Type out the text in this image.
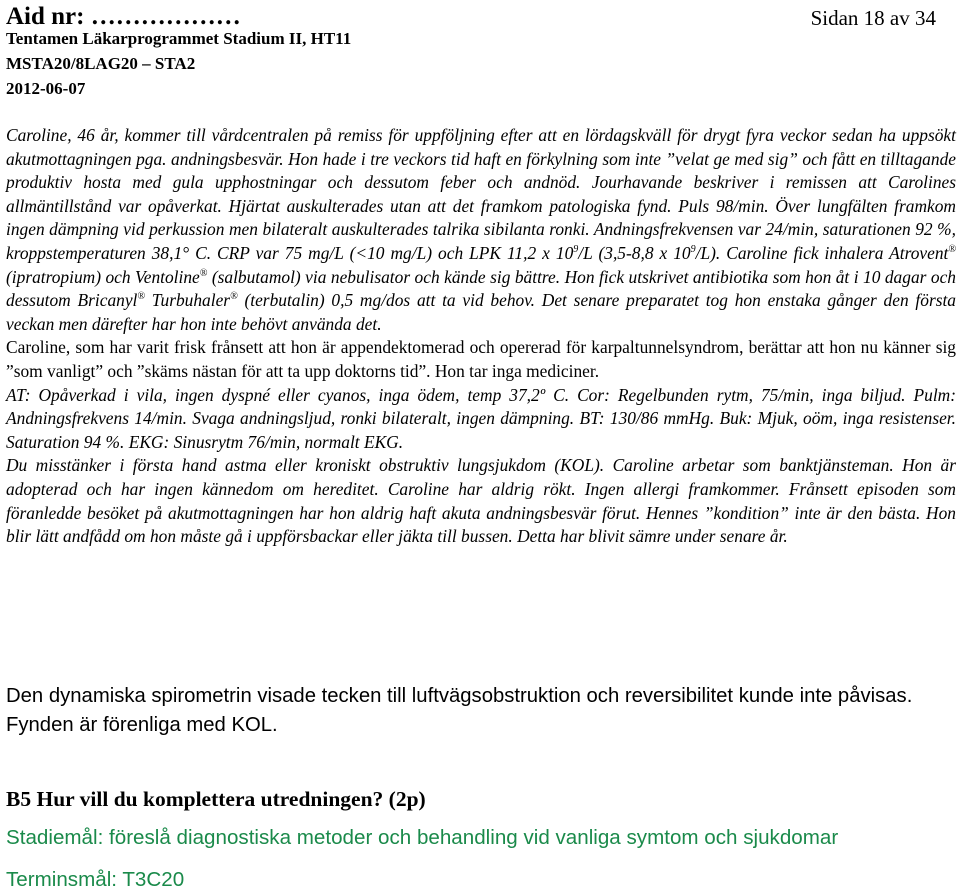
Aid nr: ………………	Sidan 18 av 34
Tentamen Läkarprogrammet Stadium II, HT11
MSTA20/8LAG20 – STA2
2012-06-07

Caroline, 46 år, kommer till vårdcentralen på remiss för uppföljning efter att en lördagskväll för drygt fyra veckor sedan ha uppsökt akutmottagningen pga. andningsbesvär. Hon hade i tre veckors tid haft en förkylning som inte ”velat ge med sig” och fått en tilltagande produktiv hosta med gula upphostningar och dessutom feber och andnöd. Jourhavande beskriver i remissen att Carolines allmäntillstånd var opåverkat. Hjärtat auskulterades utan att det framkom patologiska fynd. Puls 98/min. Över lungfälten framkom ingen dämpning vid perkussion men bilateralt auskulterades talrika sibilanta ronki. Andningsfrekvensen var 24/min, saturationen 92 %, kroppstemperaturen 38,1° C. CRP var 75 mg/L (<10 mg/L) och LPK 11,2 x $10^9/L$ (3,5-8,8 x $10^9/L$). Caroline fick inhalera Atrovent® (ipratropium) och Ventoline® (salbutamol) via nebulisator och kände sig bättre. Hon fick utskrivet antibiotika som hon åt i 10 dagar och dessutom Bricanyl® Turbuhaler® (terbutalin) 0,5 mg/dos att ta vid behov. Det senare preparatet tog hon enstaka gånger den första veckan men därefter har hon inte behövt använda det.

Caroline, som har varit frisk frånsett att hon är appendektomerad och opererad för karpaltunnelsyndrom, berättar att hon nu känner sig ”som vanligt” och ”skäms nästan för att ta upp doktorns tid”. Hon tar inga mediciner.

AT: Opåverkad i vila, ingen dyspné eller cyanos, inga ödem, temp 37,2º C. Cor: Regelbunden rytm, 75/min, inga biljud. Pulm: Andningsfrekvens 14/min. Svaga andningsljud, ronki bilateralt, ingen dämpning. BT: 130/86 mmHg. Buk: Mjuk, oöm, inga resistenser. Saturation 94 %. EKG: Sinusrytm 76/min, normalt EKG.

Du misstänker i första hand astma eller kroniskt obstruktiv lungsjukdom (KOL). Caroline arbetar som banktjänsteman. Hon är adopterad och har ingen kännedom om hereditet. Caroline har aldrig rökt. Ingen allergi framkommer. Frånsett episoden som föranledde besöket på akutmottagningen har hon aldrig haft akuta andningsbesvär förut. Hennes ”kondition” inte är den bästa. Hon blir lätt andfådd om hon måste gå i uppförsbackar eller jäkta till bussen. Detta har blivit sämre under senare år.

Den dynamiska spirometrin visade tecken till luftvägsobstruktion och reversibilitet kunde inte påvisas. Fynden är förenliga med KOL.

B5 Hur vill du komplettera utredningen? (2p)

Stadiemål: föreslå diagnostiska metoder och behandling vid vanliga symtom och sjukdomar

Terminsmål: T3C20
